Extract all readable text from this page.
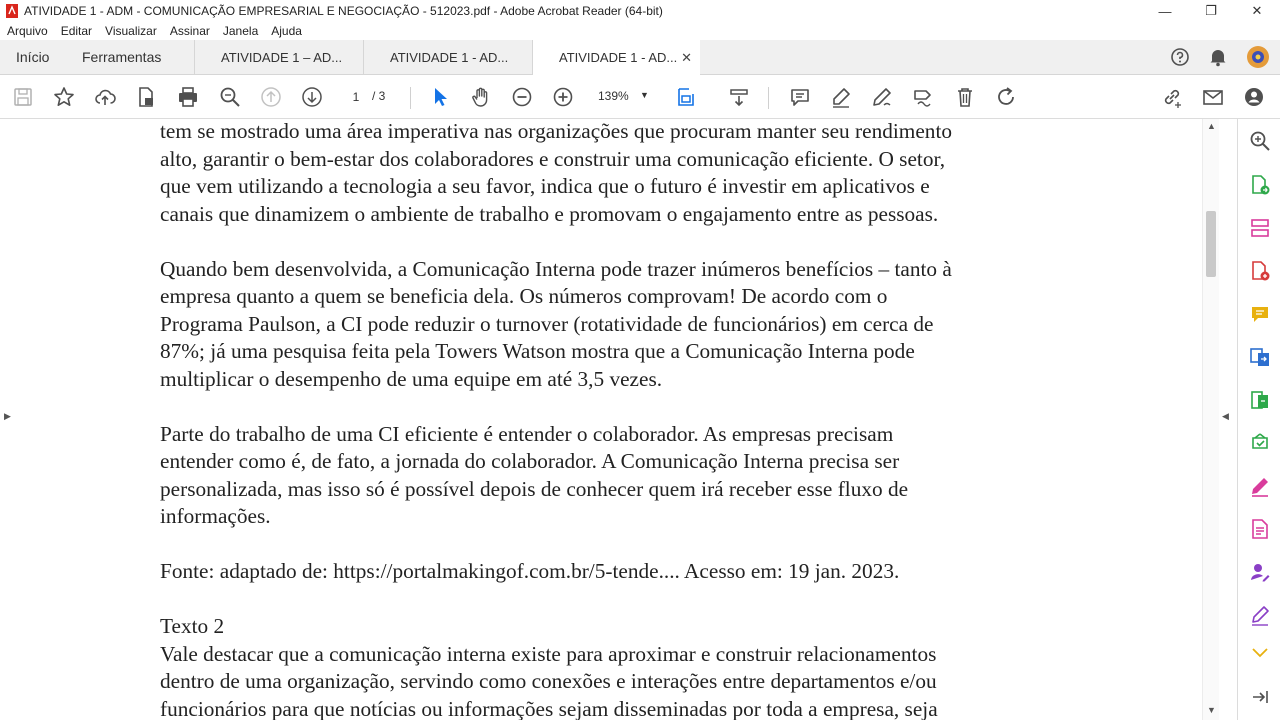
ATIVIDADE 1 - ADM - COMUNICAÇÃO EMPRESARIAL E NEGOCIAÇÃO - 512023.pdf - Adobe Acrobat Reader (64-bit)	—	❐	✕
Arquivo	Editar	Visualizar	Assinar	Janela	Ajuda
Início Ferramentas	ATIVIDADE 1 – AD...	ATIVIDADE 1 - AD...	ATIVIDADE 1 - AD... ✕
1	/ 3	139% ▼
▶

tem se mostrado uma área imperativa nas organizações que procuram manter seu rendimento

alto, garantir o bem-estar dos colaboradores e construir uma comunicação eficiente. O setor,

que vem utilizando a tecnologia a seu favor, indica que o futuro é investir em aplicativos e

canais que dinamizem o ambiente de trabalho e promovam o engajamento entre as pessoas.

Quando bem desenvolvida, a Comunicação Interna pode trazer inúmeros benefícios – tanto à

empresa quanto a quem se beneficia dela. Os números comprovam! De acordo com o

Programa Paulson, a CI pode reduzir o turnover (rotatividade de funcionários) em cerca de

87%; já uma pesquisa feita pela Towers Watson mostra que a Comunicação Interna pode

multiplicar o desempenho de uma equipe em até 3,5 vezes.

Parte do trabalho de uma CI eficiente é entender o colaborador. As empresas precisam

entender como é, de fato, a jornada do colaborador. A Comunicação Interna precisa ser

personalizada, mas isso só é possível depois de conhecer quem irá receber esse fluxo de

informações.

Fonte: adaptado de: https://portalmakingof.com.br/5-tende.... Acesso em: 19 jan. 2023.

Texto 2

Vale destacar que a comunicação interna existe para aproximar e construir relacionamentos

dentro de uma organização, servindo como conexões e interações entre departamentos e/ou

funcionários para que notícias ou informações sejam disseminadas por toda a empresa, seja

▲
▼
◀
